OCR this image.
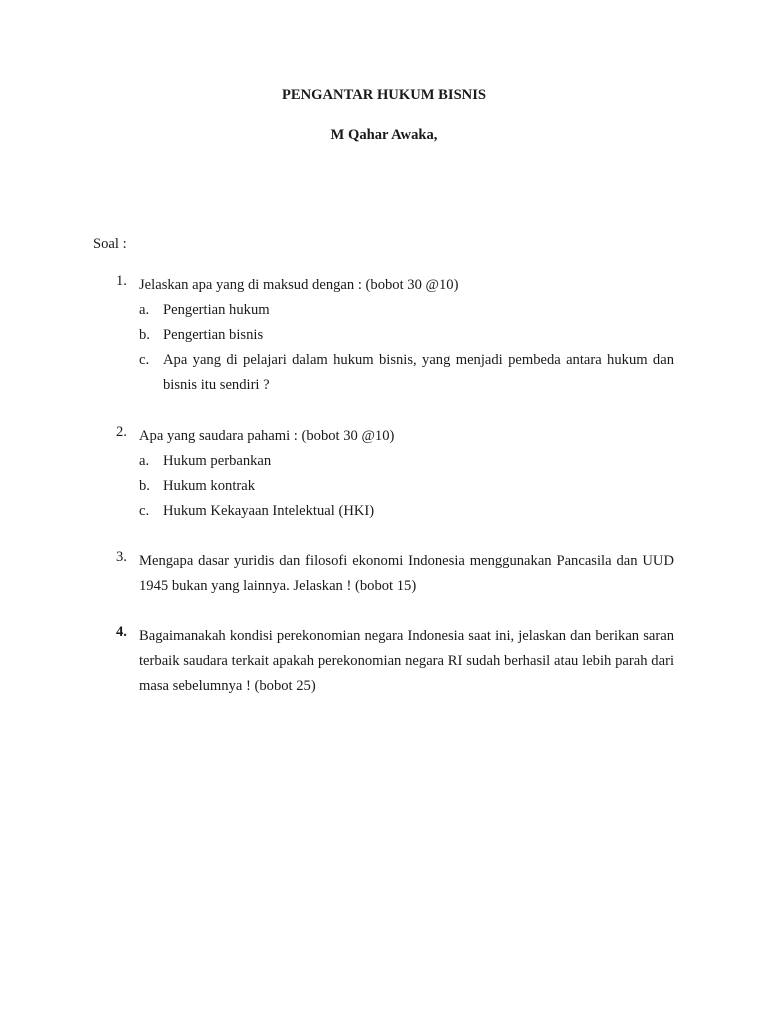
PENGANTAR HUKUM BISNIS
M Qahar Awaka,
Soal :
1. Jelaskan apa yang di maksud dengan : (bobot 30 @10)
a. Pengertian hukum
b. Pengertian bisnis
c. Apa yang di pelajari dalam hukum bisnis, yang menjadi pembeda antara hukum dan bisnis itu sendiri ?
2. Apa yang saudara pahami : (bobot 30 @10)
a. Hukum perbankan
b. Hukum kontrak
c. Hukum Kekayaan Intelektual (HKI)
3. Mengapa dasar yuridis dan filosofi ekonomi Indonesia menggunakan Pancasila dan UUD 1945 bukan yang lainnya. Jelaskan ! (bobot 15)
4. Bagaimanakah kondisi perekonomian negara Indonesia saat ini, jelaskan dan berikan saran terbaik saudara terkait apakah perekonomian negara RI sudah berhasil atau lebih parah dari masa sebelumnya ! (bobot 25)
